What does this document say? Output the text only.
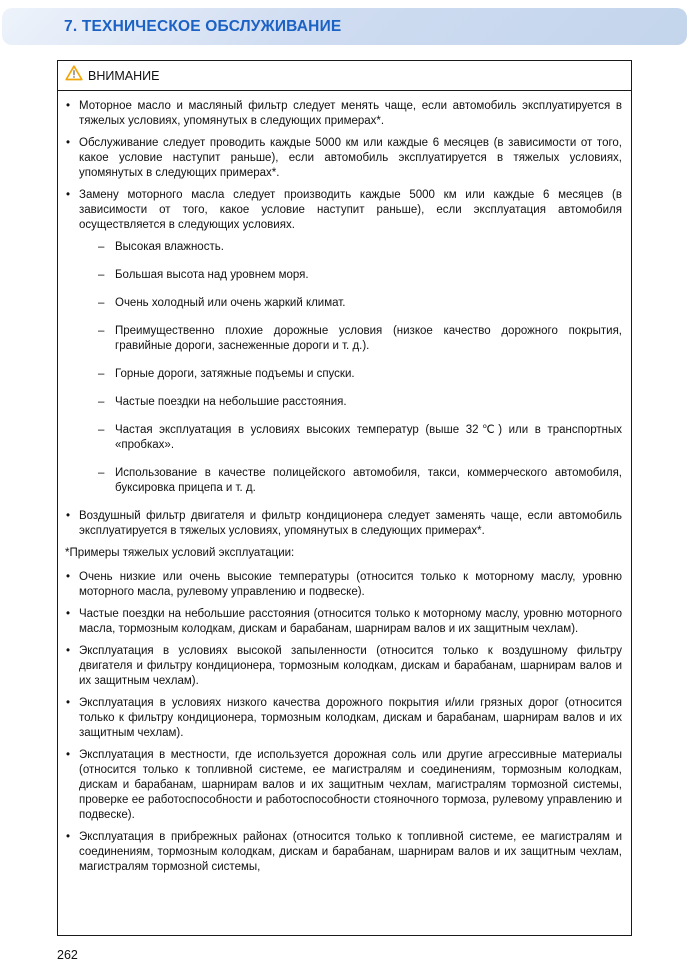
7. ТЕХНИЧЕСКОЕ ОБСЛУЖИВАНИЕ
ВНИМАНИЕ
• Моторное масло и масляный фильтр следует менять чаще, если автомобиль эксплуатируется в тяжелых условиях, упомянутых в следующих примерах*.
• Обслуживание следует проводить каждые 5000 км или каждые 6 месяцев (в зависимости от того, какое условие наступит раньше), если автомобиль эксплуатируется в тяжелых условиях, упомянутых в следующих примерах*.
• Замену моторного масла следует производить каждые 5000 км или каждые 6 месяцев (в зависимости от того, какое условие наступит раньше), если эксплуатация автомобиля осуществляется в следующих условиях.
– Высокая влажность.
– Большая высота над уровнем моря.
– Очень холодный или очень жаркий климат.
– Преимущественно плохие дорожные условия (низкое качество дорожного покрытия, гравийные дороги, заснеженные дороги и т. д.).
– Горные дороги, затяжные подъемы и спуски.
– Частые поездки на небольшие расстояния.
– Частая эксплуатация в условиях высоких температур (выше 32℃) или в транспортных «пробках».
– Использование в качестве полицейского автомобиля, такси, коммерческого автомобиля, буксировка прицепа и т. д.
• Воздушный фильтр двигателя и фильтр кондиционера следует заменять чаще, если автомобиль эксплуатируется в тяжелых условиях, упомянутых в следующих примерах*.
*Примеры тяжелых условий эксплуатации:
• Очень низкие или очень высокие температуры (относится только к моторному маслу, уровню моторного масла, рулевому управлению и подвеске).
• Частые поездки на небольшие расстояния (относится только к моторному маслу, уровню моторного масла, тормозным колодкам, дискам и барабанам, шарнирам валов и их защитным чехлам).
• Эксплуатация в условиях высокой запыленности (относится только к воздушному фильтру двигателя и фильтру кондиционера, тормозным колодкам, дискам и барабанам, шарнирам валов и их защитным чехлам).
• Эксплуатация в условиях низкого качества дорожного покрытия и/или грязных дорог (относится только к фильтру кондиционера, тормозным колодкам, дискам и барабанам, шарнирам валов и их защитным чехлам).
• Эксплуатация в местности, где используется дорожная соль или другие агрессивные материалы (относится только к топливной системе, ее магистралям и соединениям, тормозным колодкам, дискам и барабанам, шарнирам валов и их защитным чехлам, магистралям тормозной системы, проверке ее работоспособности и работоспособности стояночного тормоза, рулевому управлению и подвеске).
• Эксплуатация в прибрежных районах (относится только к топливной системе, ее магистралям и соединениям, тормозным колодкам, дискам и барабанам, шарнирам валов и их защитным чехлам, магистралям тормозной системы,
262
